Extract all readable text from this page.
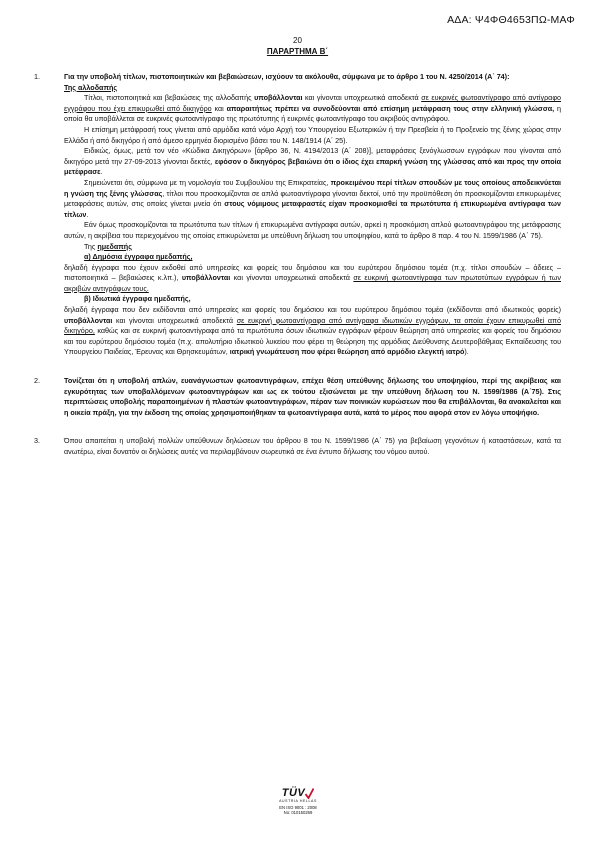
ΑΔΑ: Ψ4ΦΘ4653ΠΩ-ΜΑΦ
20
ΠΑΡΑΡΤΗΜΑ Β΄
1.	Για την υποβολή τίτλων, πιστοποιητικών και βεβαιώσεων, ισχύουν τα ακόλουθα, σύμφωνα με το άρθρο 1 του Ν. 4250/2014 (Α΄ 74):

Της αλλοδαπής

Τίτλοι, πιστοποιητικά και βεβαιώσεις της αλλοδαπής υποβάλλονται και γίνονται υποχρεωτικά αποδεκτά σε ευκρινές φωτοαντίγραφο από αντίγραφο εγγράφου που έχει επικυρωθεί από δικηγόρο και απαραιτήτως πρέπει να συνοδεύονται από επίσημη μετάφραση τους στην ελληνική γλώσσα, η οποία θα υποβάλλεται σε ευκρινές φωτοαντίγραφο της πρωτότυπης ή ευκρινές φωτοαντίγραφο του ακριβούς αντιγράφου.

Η επίσημη μετάφρασή τους γίνεται από αρμόδια κατά νόμο Αρχή του Υπουργείου Εξωτερικών ή την Πρεσβεία ή το Προξενείο της ξένης χώρας στην Ελλάδα ή από δικηγόρο ή από άμεσο ερμηνέα διορισμένο βάσει του Ν. 148/1914 (Α΄ 25).

Ειδικώς, όμως, μετά τον νέο «Κώδικα Δικηγόρων» [άρθρο 36, Ν. 4194/2013 (Α΄ 208)], μεταφράσεις ξενόγλωσσων εγγράφων που γίνονται από δικηγόρο μετά την 27-09-2013 γίνονται δεκτές, εφόσον ο δικηγόρος βεβαιώνει ότι ο ίδιος έχει επαρκή γνώση της γλώσσας από και προς την οποία μετέφρασε.

Σημειώνεται ότι, σύμφωνα με τη νομολογία του Συμβουλίου της Επικρατείας, προκειμένου περί τίτλων σπουδών με τους οποίους αποδεικνύεται η γνώση της ξένης γλώσσας, τίτλοι που προσκομίζονται σε απλά φωτοαντίγραφα γίνονται δεκτοί, υπό την προϋπόθεση ότι προσκομίζονται επικυρωμένες μεταφράσεις αυτών, στις οποίες γίνεται μνεία ότι στους νόμιμους μεταφραστές είχαν προσκομισθεί τα πρωτότυπα ή επικυρωμένα αντίγραφα των τίτλων.

Εάν όμως προσκομίζονται τα πρωτότυπα των τίτλων ή επικυρωμένα αντίγραφα αυτών, αρκεί η προσκόμιση απλού φωτοαντιγράφου της μετάφρασης αυτών, η ακρίβεια του περιεχομένου της οποίας επικυρώνεται με υπεύθυνη δήλωση του υποψηφίου, κατά το άρθρο 8 παρ. 4 του Ν. 1599/1986 (Α΄ 75).

Της ημεδαπής

α) Δημόσια έγγραφα ημεδαπής,

δηλαδή έγγραφα που έχουν εκδοθεί από υπηρεσίες και φορείς του δημόσιου και του ευρύτερου δημόσιου τομέα (π.χ. τίτλοι σπουδών – άδειες – πιστοποιητικά – βεβαιώσεις κ.λπ.), υποβάλλονται και γίνονται υποχρεωτικά αποδεκτά σε ευκρινή φωτοαντίγραφα των πρωτοτύπων εγγράφων ή των ακριβών αντιγράφων τους.

β) Ιδιωτικά έγγραφα ημεδαπής,

δηλαδή έγγραφα που δεν εκδίδονται από υπηρεσίες και φορείς του δημόσιου και του ευρύτερου δημόσιου τομέα (εκδίδονται από ιδιωτικούς φορείς) υποβάλλονται και γίνονται υποχρεωτικά αποδεκτά σε ευκρινή φωτοαντίγραφα από αντίγραφα ιδιωτικών εγγράφων, τα οποία έχουν επικυρωθεί από δικηγόρο, καθώς και σε ευκρινή φωτοαντίγραφα από τα πρωτότυπα όσων ιδιωτικών εγγράφων φέρουν θεώρηση από υπηρεσίες και φορείς του δημόσιου και του ευρύτερου δημόσιου τομέα (π.χ. απολυτήριο ιδιωτικού λυκείου που φέρει τη θεώρηση της αρμόδιας Διεύθυνσης Δευτεροβάθμιας Εκπαίδευσης του Υπουργείου Παιδείας, Έρευνας και Θρησκευμάτων, ιατρική γνωμάτευση που φέρει θεώρηση από αρμόδιο ελεγκτή ιατρό).

2.	Τονίζεται ότι η υποβολή απλών, ευανάγνωστων φωτοαντιγράφων, επέχει θέση υπεύθυνης δήλωσης του υποψηφίου, περί της ακρίβειας και εγκυρότητας των υποβαλλόμενων φωτοαντιγράφων και ως εκ τούτου εξισώνεται με την υπεύθυνη δήλωση του Ν. 1599/1986 (Α΄75). Στις περιπτώσεις υποβολής παραποιημένων ή πλαστών φωτοαντιγράφων, πέραν των ποινικών κυρώσεων που θα επιβάλλονται, θα ανακαλείται και η οικεία πράξη, για την έκδοση της οποίας χρησιμοποιήθηκαν τα φωτοαντίγραφα αυτά, κατά το μέρος που αφορά στον εν λόγω υποψήφιο.

3.	Όπου απαιτείται η υποβολή πολλών υπεύθυνων δηλώσεων του άρθρου 8 του Ν. 1599/1986 (Α΄ 75) για βεβαίωση γεγονότων ή καταστάσεων, κατά τα ανωτέρω, είναι δυνατόν οι δηλώσεις αυτές να περιλαμβάνουν σωρευτικά σε ένα έντυπο δήλωσης του νόμου αυτού.

TÜV
AUSTRIA HELLAS
EN ISO 9001 : 2008
No: 010150269
